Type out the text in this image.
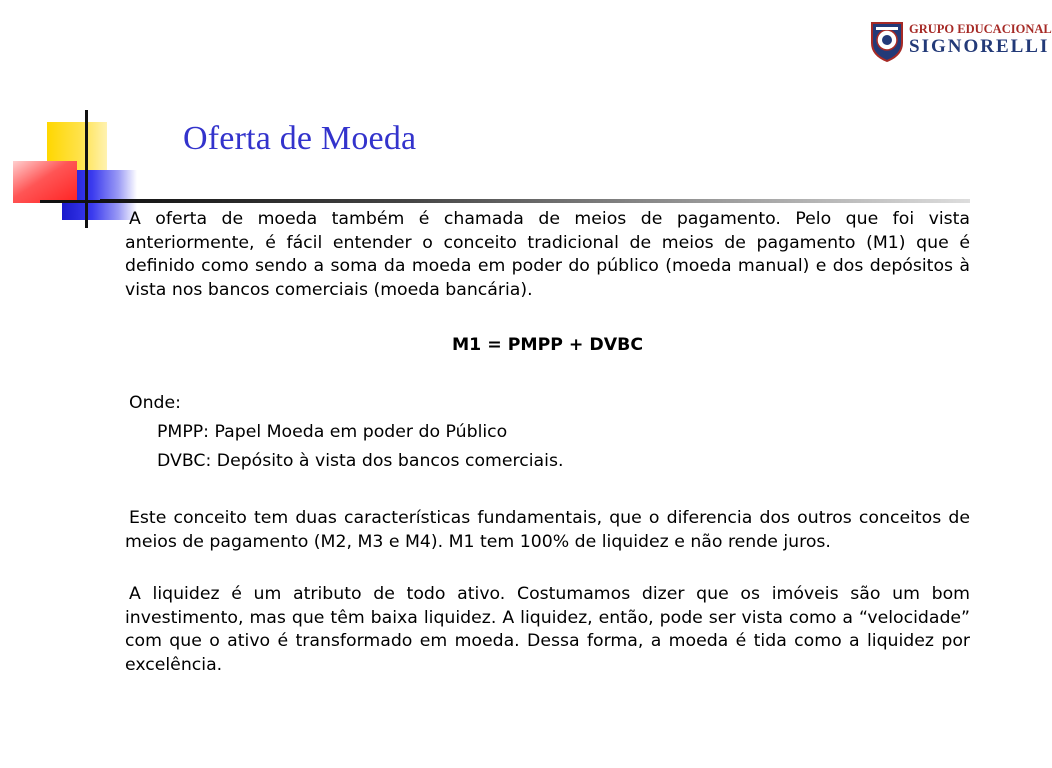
GRUPO EDUCACIONAL
SIGNORELLI
Oferta de Moeda

A oferta de moeda também é chamada de meios de pagamento. Pelo que foi vista anteriormente, é fácil entender o conceito tradicional de meios de pagamento (M1) que é definido como sendo a soma da moeda em poder do público (moeda manual) e dos depósitos à vista nos bancos comerciais (moeda bancária).

M1 = PMPP + DVBC

Onde:

PMPP: Papel Moeda em poder do Público

DVBC: Depósito à vista dos bancos comerciais.

Este conceito tem duas características fundamentais, que o diferencia dos outros conceitos de meios de pagamento (M2, M3 e M4). M1 tem 100% de liquidez e não rende juros.

A liquidez é um atributo de todo ativo. Costumamos dizer que os imóveis são um bom investimento, mas que têm baixa liquidez. A liquidez, então, pode ser vista como a “velocidade” com que o ativo é transformado em moeda. Dessa forma, a moeda é tida como a liquidez por excelência.
